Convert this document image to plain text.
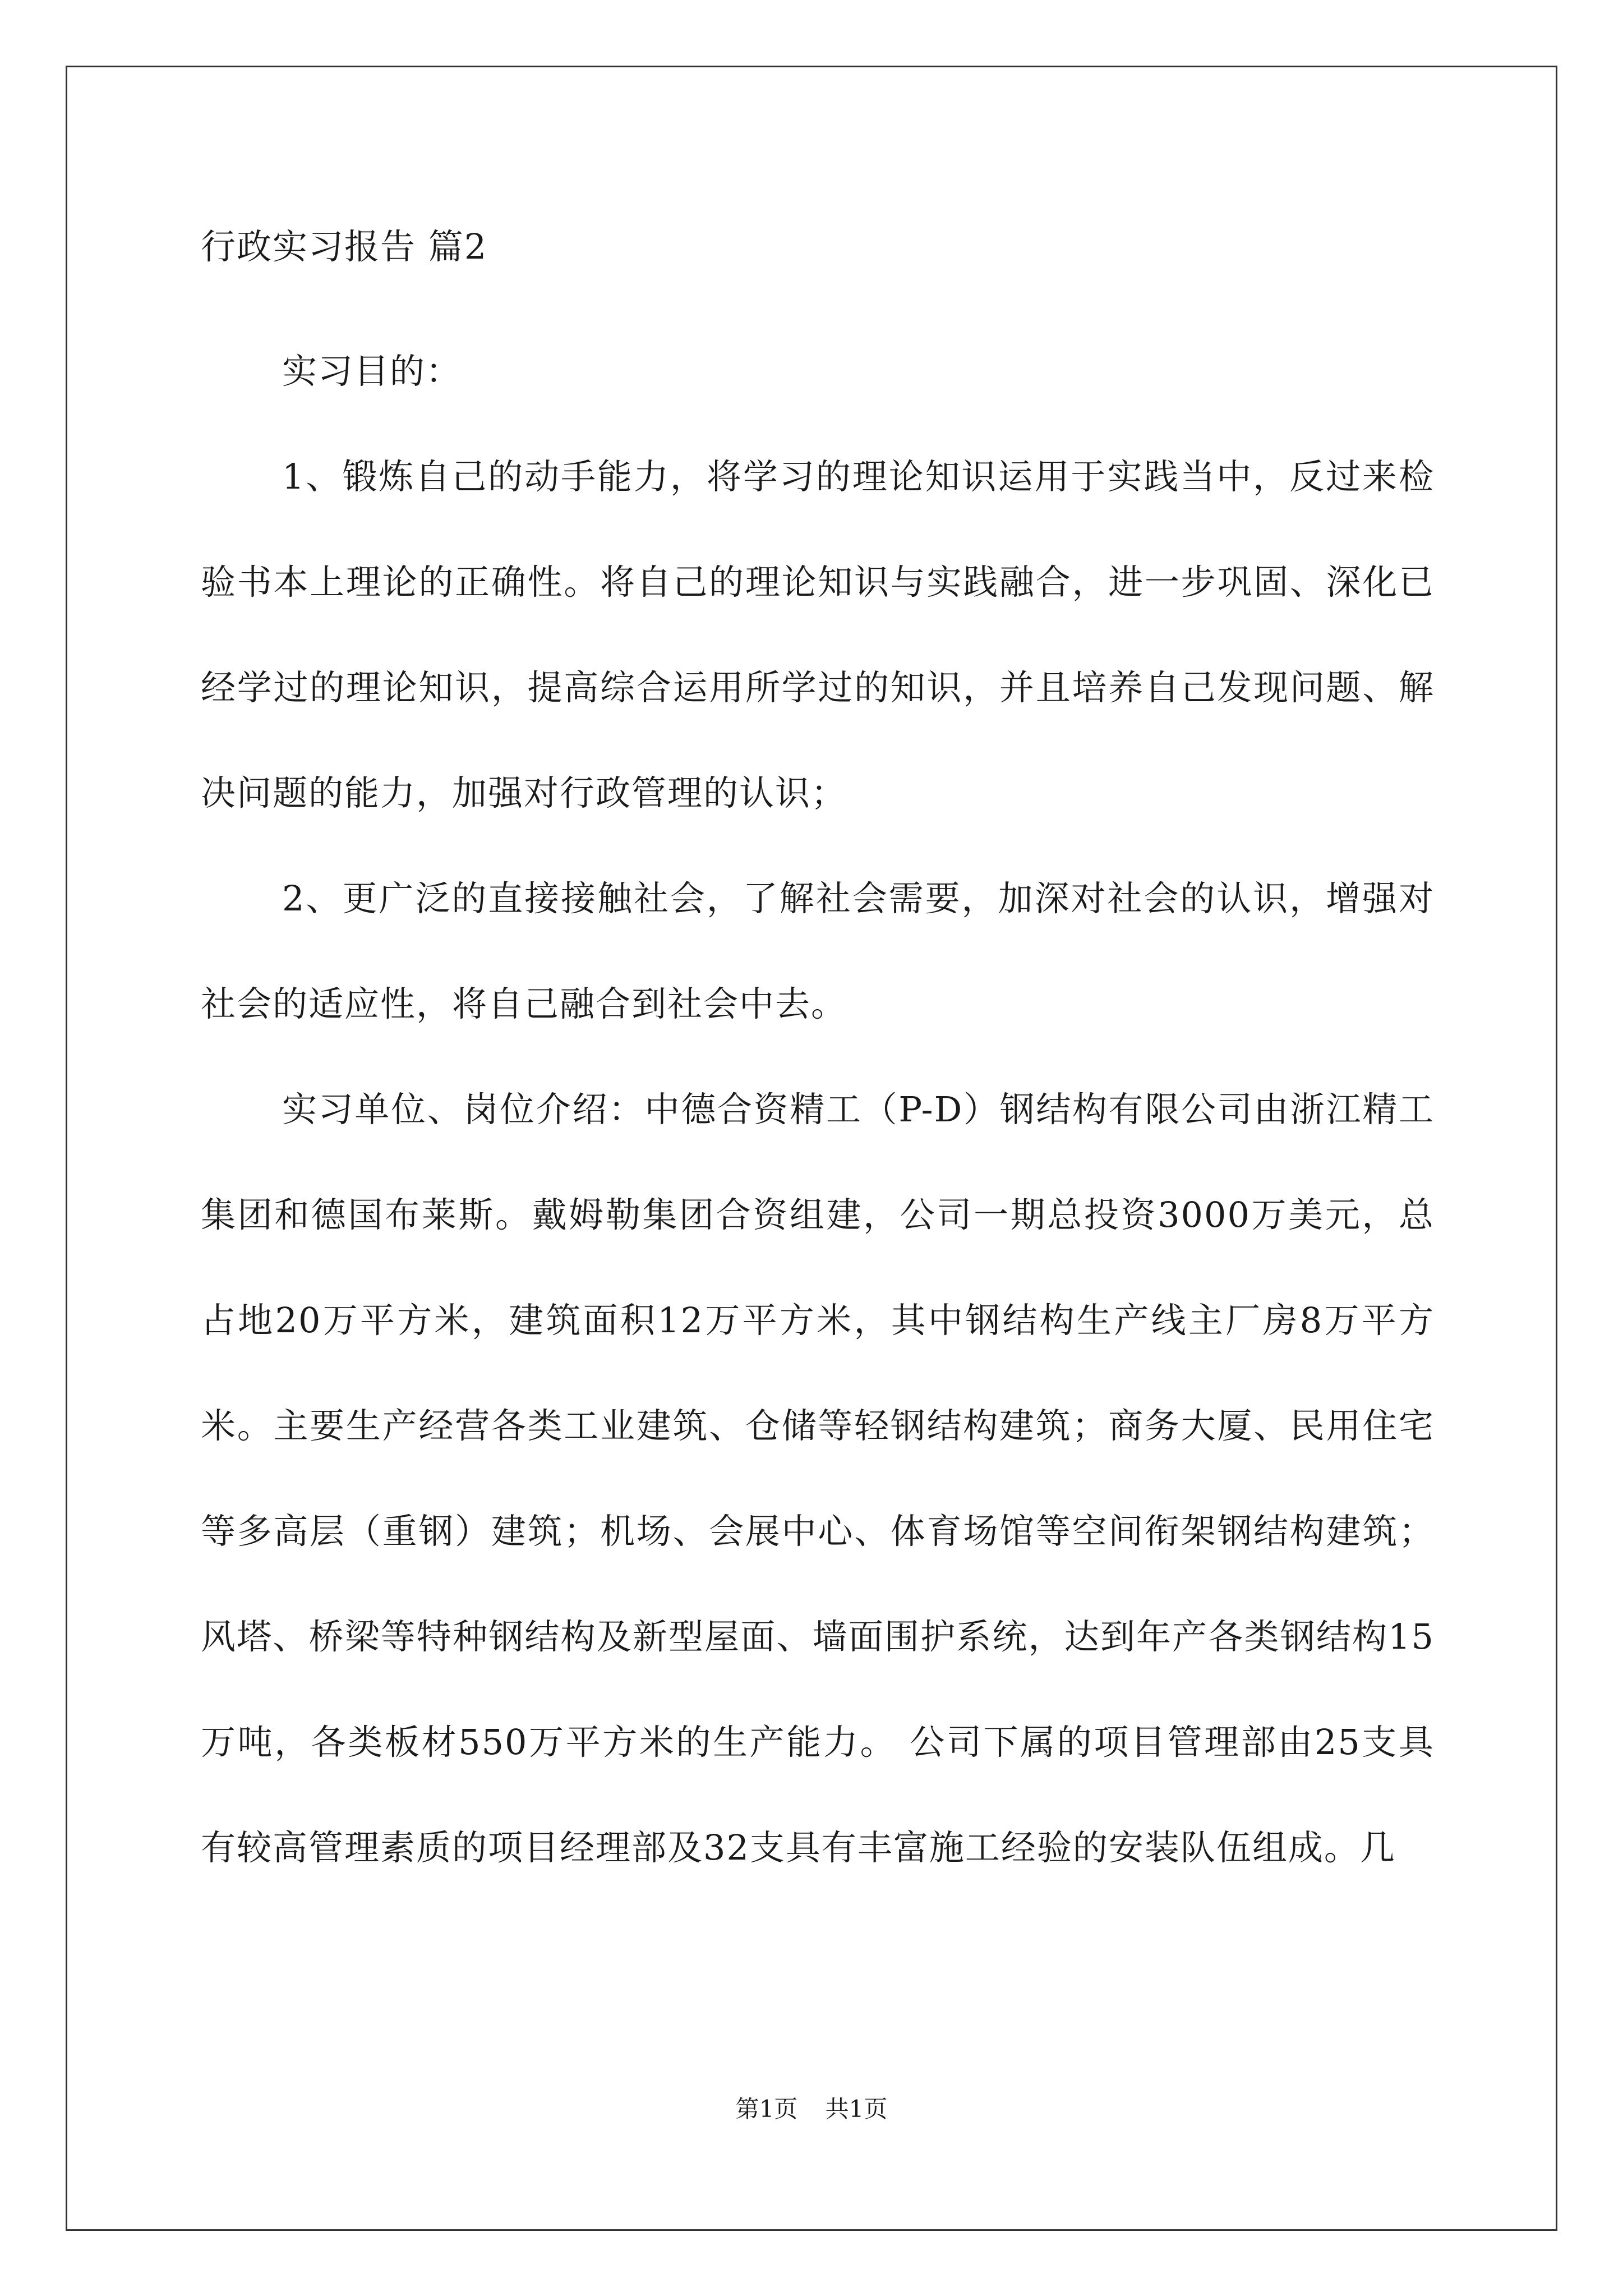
行政实习报告 篇2

实习目的：

1、锻炼自己的动手能力，将学习的理论知识运用于实践当中，反过来检验书本上理论的正确性。将自己的理论知识与实践融合，进一步巩固、深化已经学过的理论知识，提高综合运用所学过的知识，并且培养自己发现问题、解决问题的能力，加强对行政管理的认识；

2、更广泛的直接接触社会，了解社会需要，加深对社会的认识，增强对社会的适应性，将自己融合到社会中去。

实习单位、岗位介绍：中德合资精工（P-D）钢结构有限公司由浙江精工集团和德国布莱斯。戴姆勒集团合资组建，公司一期总投资3000万美元，总占地20万平方米，建筑面积12万平方米，其中钢结构生产线主厂房8万平方米。主要生产经营各类工业建筑、仓储等轻钢结构建筑；商务大厦、民用住宅等多高层（重钢）建筑；机场、会展中心、体育场馆等空间衔架钢结构建筑；风塔、桥梁等特种钢结构及新型屋面、墙面围护系统，达到年产各类钢结构15万吨，各类板材550万平方米的生产能力。 公司下属的项目管理部由25支具有较高管理素质的项目经理部及32支具有丰富施工经验的安装队伍组成。几

第1页 共1页
